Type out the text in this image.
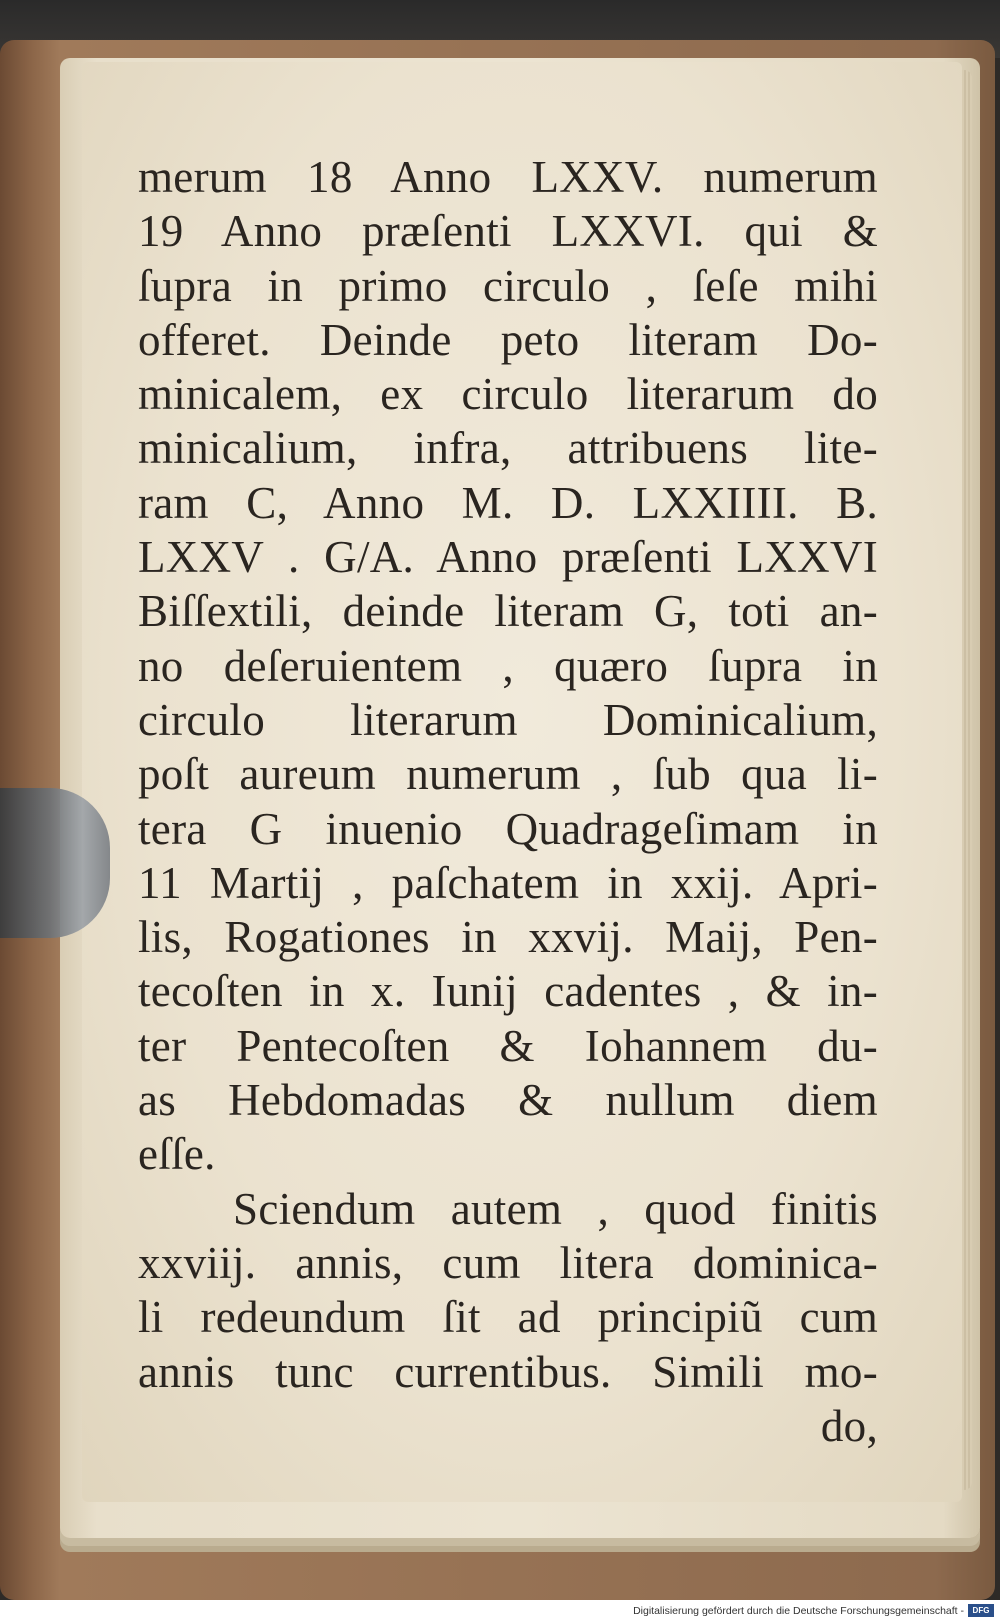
merum 18 Anno LXXV. numerum
19 Anno præſenti LXXVI. qui &
ſupra in primo circulo , ſeſe mihi
offeret. Deinde peto literam Do-
minicalem, ex circulo literarum do
minicalium, infra, attribuens lite-
ram C, Anno M. D. LXXIIII. B.
LXXV . G/A. Anno præſenti LXXVI
Biſſextili, deinde literam G, toti an-
no deſeruientem , quæro ſupra in
circulo literarum Dominicalium,
poſt aureum numerum , ſub qua li-
tera G inuenio Quadrageſimam in
11 Martij , paſchatem in xxij. Apri-
lis, Rogationes in xxvij. Maij, Pen-
tecoſten in x. Iunij cadentes , & in-
ter Pentecoſten & Iohannem du-
as Hebdomadas & nullum diem
eſſe.
Sciendum autem , quod finitis
xxviij. annis, cum litera dominica-
li redeundum ſit ad principiũ cum
annis tunc currentibus. Simili mo-
do,
Digitalisierung gefördert durch die Deutsche Forschungsgemeinschaft -	DFG
